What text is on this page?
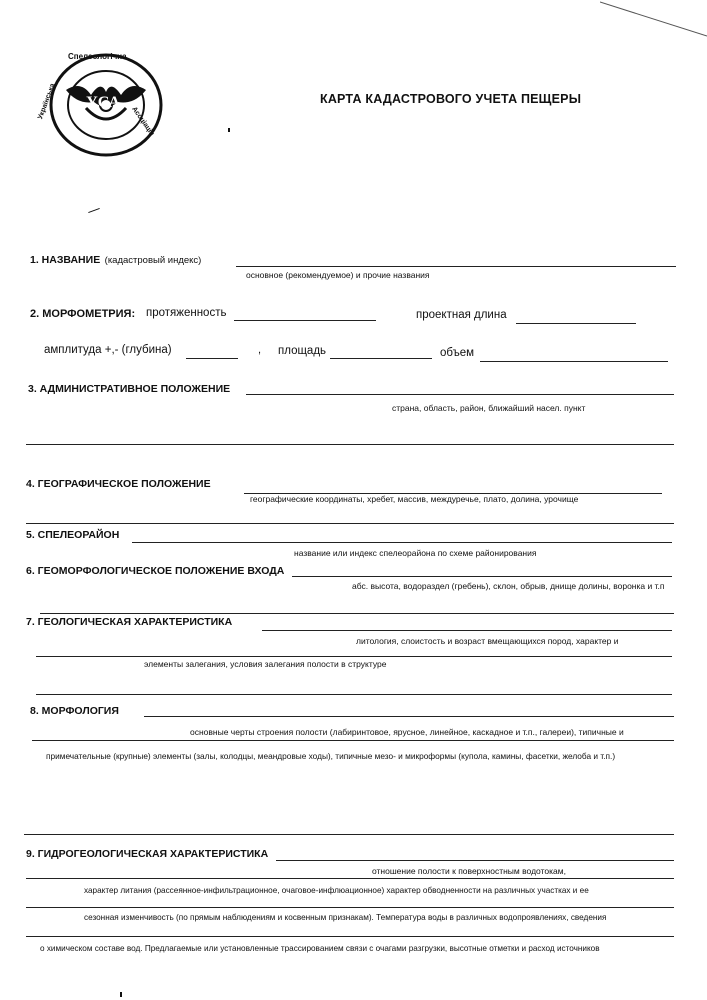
Спелеологічна
Українська
Асоціація
УСА	КАРТА КАДАСТРОВОГО УЧЕТА ПЕЩЕРЫ
1. НАЗВАНИЕ (кадастровый индекс)
основное (рекомендуемое) и прочие названия
2. МОРФОМЕТРИЯ: протяженность	проектная длина
амплитуда +,- (глубина)	, площадь	объем
3. АДМИНИСТРАТИВНОЕ ПОЛОЖЕНИЕ
страна, область, район, ближайший насел. пункт
4. ГЕОГРАФИЧЕСКОЕ ПОЛОЖЕНИЕ
географические координаты, хребет, массив, междуречье, плато, долина, урочище
5. СПЕЛЕОРАЙОН
название или индекс спелеорайона по схеме районирования
6. ГЕОМОРФОЛОГИЧЕСКОЕ ПОЛОЖЕНИЕ ВХОДА
абс. высота, водораздел (гребень), склон, обрыв, днище долины, воронка и т.п
7. ГЕОЛОГИЧЕСКАЯ ХАРАКТЕРИСТИКА
литология, слоистость и возраст вмещающихся пород, характер и
элементы залегания, условия залегания полости в структуре
8. МОРФОЛОГИЯ
основные черты строения полости (лабиринтовое, ярусное, линейное, каскадное и т.п., галереи), типичные и
примечательные (крупные) элементы (залы, колодцы, меандровые ходы), типичные мезо- и микроформы (купола, камины, фасетки, желоба и т.п.)
9. ГИДРОГЕОЛОГИЧЕСКАЯ ХАРАКТЕРИСТИКА
отношение полости к поверхностным водотокам,
характер литания (рассеянное-инфильтрационное, очаговое-инфлюационное) характер обводненности на различных участках и ее
сезонная изменчивость (по прямым наблюдениям и косвенным признакам). Температура воды в различных водопроявлениях, сведения
о химическом составе вод. Предлагаемые или установленные трассированием связи с очагами разгрузки, высотные отметки и расход источников
